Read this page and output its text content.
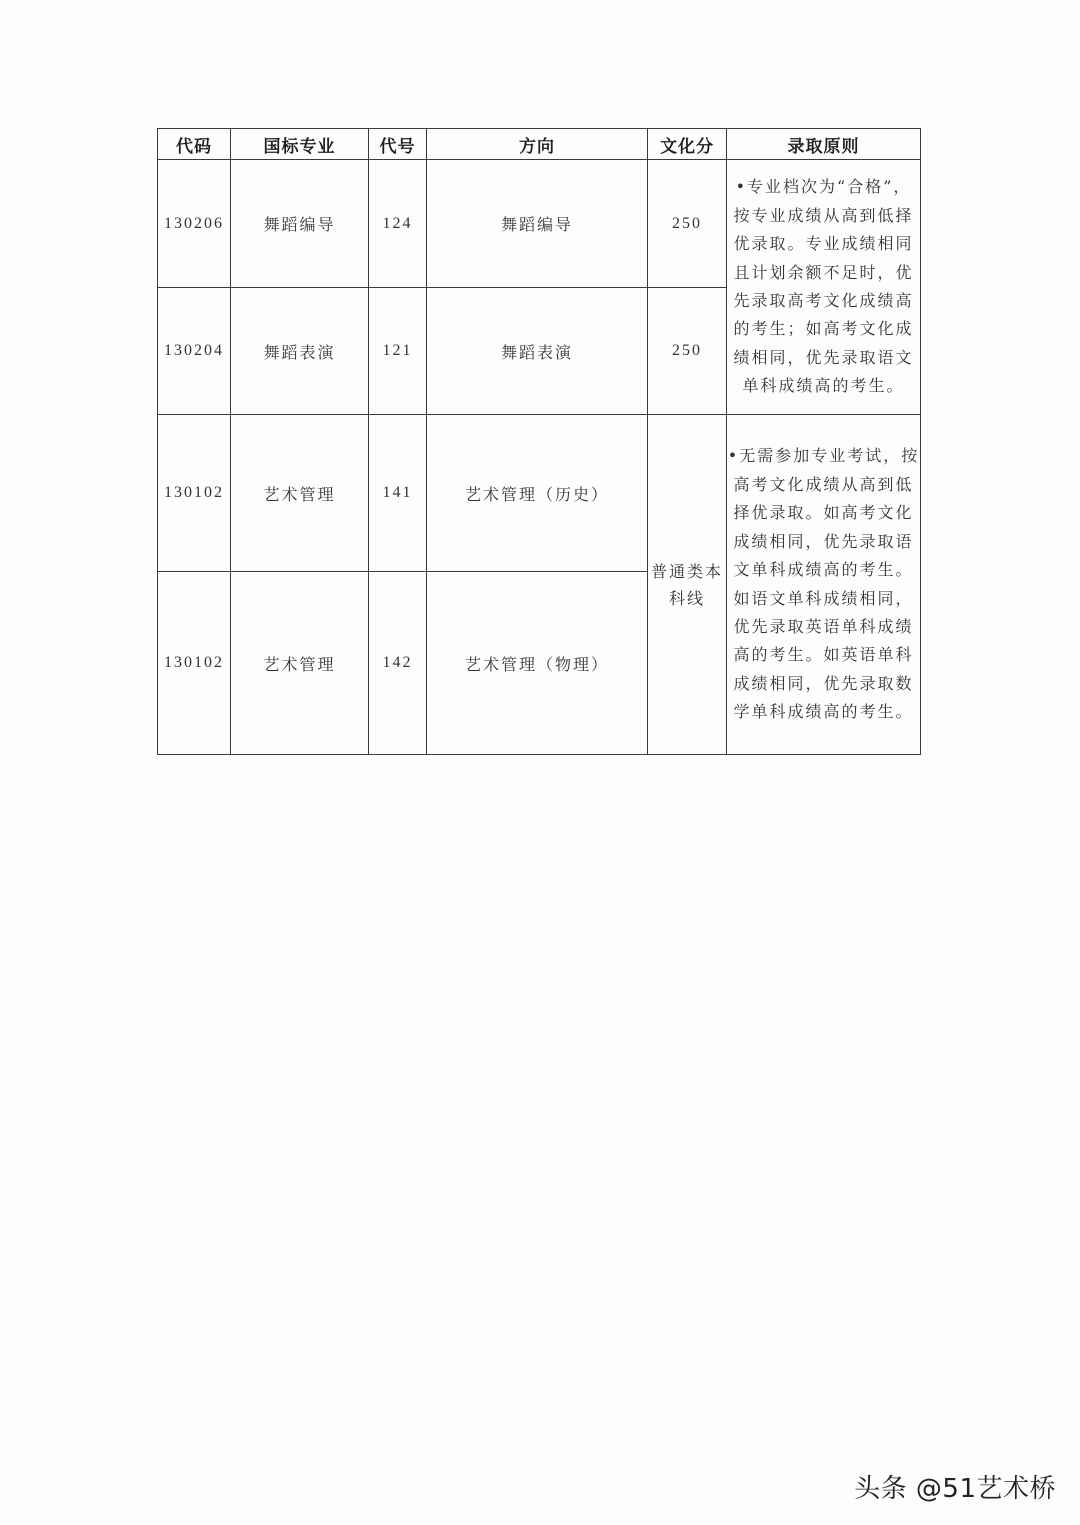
代码	国标专业	代号	方向	文化分	录取原则
130206	舞蹈编导	124	舞蹈编导	250	•专业档次为“合格”，按专业成绩从高到低择优录取。专业成绩相同且计划余额不足时，优先录取高考文化成绩高的考生；如高考文化成绩相同，优先录取语文单科成绩高的考生。
130204	舞蹈表演	121	舞蹈表演	250	
130102	艺术管理	141	艺术管理（历史）	普通类本科线	•无需参加专业考试，按高考文化成绩从高到低择优录取。如高考文化成绩相同，优先录取语文单科成绩高的考生。如语文单科成绩相同，优先录取英语单科成绩高的考生。如英语单科成绩相同，优先录取数学单科成绩高的考生。
130102	艺术管理	142	艺术管理（物理）		
头条 @51艺术桥
